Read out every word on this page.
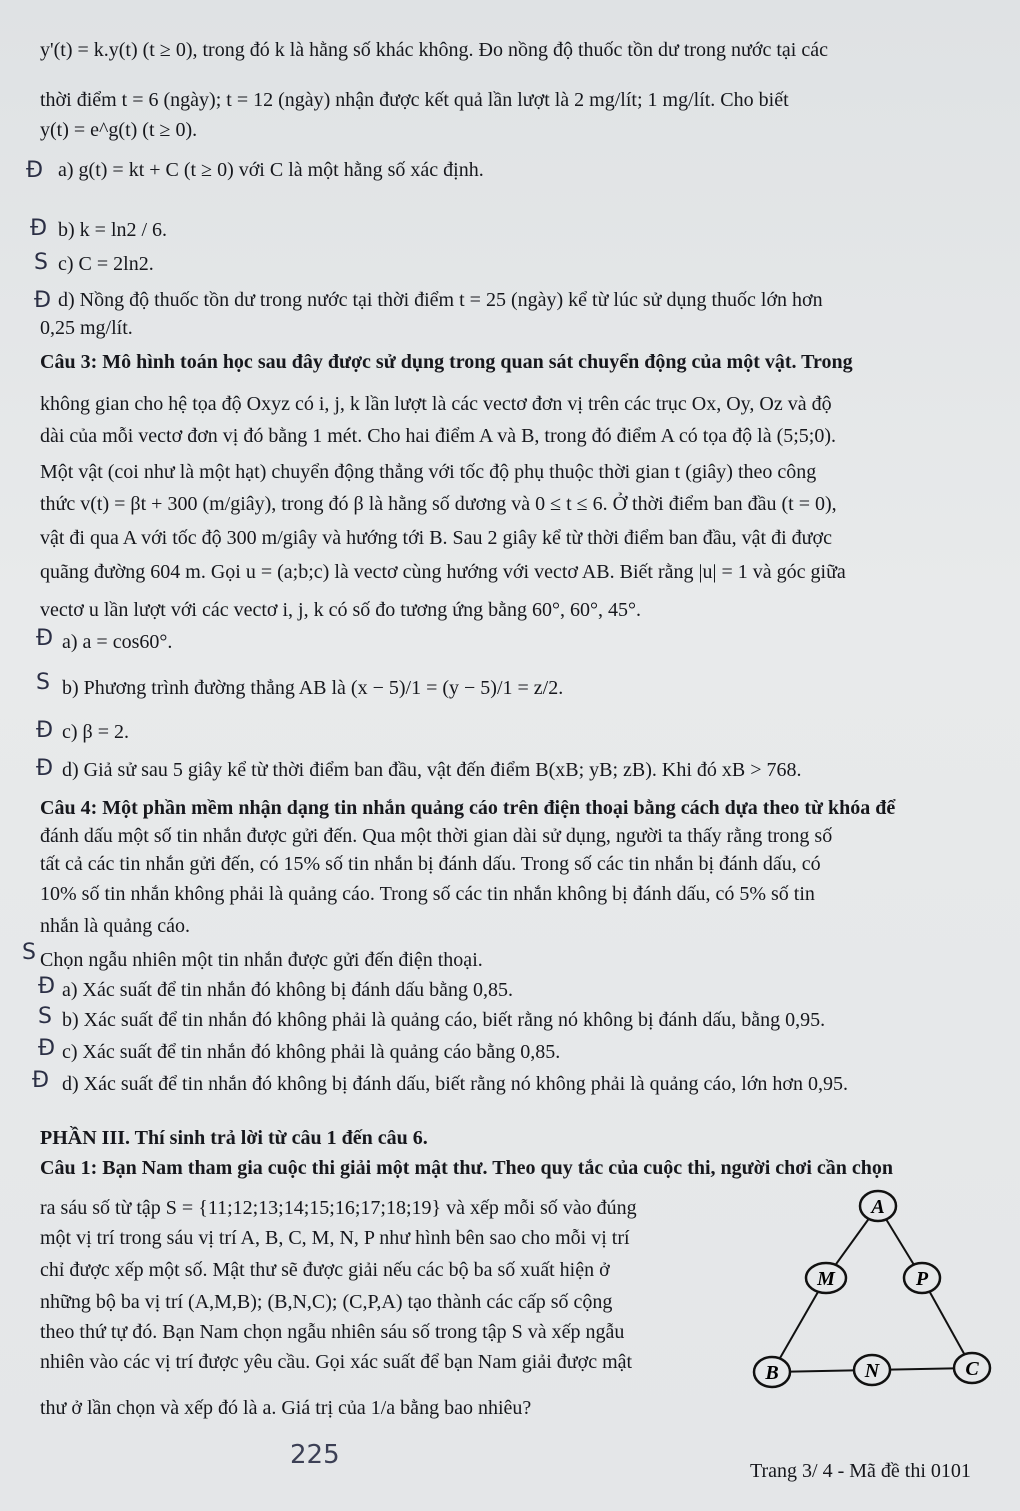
y'(t) = k.y(t) (t ≥ 0), trong đó k là hằng số khác không. Đo nồng độ thuốc tồn dư trong nước tại các
thời điểm t = 6 (ngày); t = 12 (ngày) nhận được kết quả lần lượt là 2 mg/lít; 1 mg/lít. Cho biết
y(t) = e^g(t) (t ≥ 0).
a) g(t) = kt + C (t ≥ 0) với C là một hằng số xác định.
b) k = ln2 / 6.
c) C = 2ln2.
d) Nồng độ thuốc tồn dư trong nước tại thời điểm t = 25 (ngày) kể từ lúc sử dụng thuốc lớn hơn
0,25 mg/lít.
Câu 3: Mô hình toán học sau đây được sử dụng trong quan sát chuyển động của một vật. Trong
không gian cho hệ tọa độ Oxyz có i, j, k lần lượt là các vectơ đơn vị trên các trục Ox, Oy, Oz và độ
dài của mỗi vectơ đơn vị đó bằng 1 mét. Cho hai điểm A và B, trong đó điểm A có tọa độ là (5;5;0).
Một vật (coi như là một hạt) chuyển động thẳng với tốc độ phụ thuộc thời gian t (giây) theo công
thức v(t) = βt + 300 (m/giây), trong đó β là hằng số dương và 0 ≤ t ≤ 6. Ở thời điểm ban đầu (t = 0),
vật đi qua A với tốc độ 300 m/giây và hướng tới B. Sau 2 giây kể từ thời điểm ban đầu, vật đi được
quãng đường 604 m. Gọi u = (a;b;c) là vectơ cùng hướng với vectơ AB. Biết rằng |u| = 1 và góc giữa
vectơ u lần lượt với các vectơ i, j, k có số đo tương ứng bằng 60°, 60°, 45°.
a) a = cos60°.
b) Phương trình đường thẳng AB là (x − 5)/1 = (y − 5)/1 = z/2.
c) β = 2.
d) Giả sử sau 5 giây kể từ thời điểm ban đầu, vật đến điểm B(xB; yB; zB). Khi đó xB > 768.
Câu 4: Một phần mềm nhận dạng tin nhắn quảng cáo trên điện thoại bằng cách dựa theo từ khóa để
đánh dấu một số tin nhắn được gửi đến. Qua một thời gian dài sử dụng, người ta thấy rằng trong số
tất cả các tin nhắn gửi đến, có 15% số tin nhắn bị đánh dấu. Trong số các tin nhắn bị đánh dấu, có
10% số tin nhắn không phải là quảng cáo. Trong số các tin nhắn không bị đánh dấu, có 5% số tin
nhắn là quảng cáo.
Chọn ngẫu nhiên một tin nhắn được gửi đến điện thoại.
a) Xác suất để tin nhắn đó không bị đánh dấu bằng 0,85.
b) Xác suất để tin nhắn đó không phải là quảng cáo, biết rằng nó không bị đánh dấu, bằng 0,95.
c) Xác suất để tin nhắn đó không phải là quảng cáo bằng 0,85.
d) Xác suất để tin nhắn đó không bị đánh dấu, biết rằng nó không phải là quảng cáo, lớn hơn 0,95.
PHẦN III. Thí sinh trả lời từ câu 1 đến câu 6.
Câu 1: Bạn Nam tham gia cuộc thi giải một mật thư. Theo quy tắc của cuộc thi, người chơi cần chọn
ra sáu số từ tập S = {11;12;13;14;15;16;17;18;19} và xếp mỗi số vào đúng
một vị trí trong sáu vị trí A, B, C, M, N, P như hình bên sao cho mỗi vị trí
chỉ được xếp một số. Mật thư sẽ được giải nếu các bộ ba số xuất hiện ở
những bộ ba vị trí (A,M,B); (B,N,C); (C,P,A) tạo thành các cấp số cộng
theo thứ tự đó. Bạn Nam chọn ngẫu nhiên sáu số trong tập S và xếp ngẫu
nhiên vào các vị trí được yêu cầu. Gọi xác suất để bạn Nam giải được mật
thư ở lần chọn và xếp đó là a. Giá trị của 1/a bằng bao nhiêu?
Đ
Đ
S
Đ
Đ
S
Đ
Đ
S
Đ
S
Đ
Đ
A
M	P
B	N	C
225
Trang 3/ 4 - Mã đề thi 0101
